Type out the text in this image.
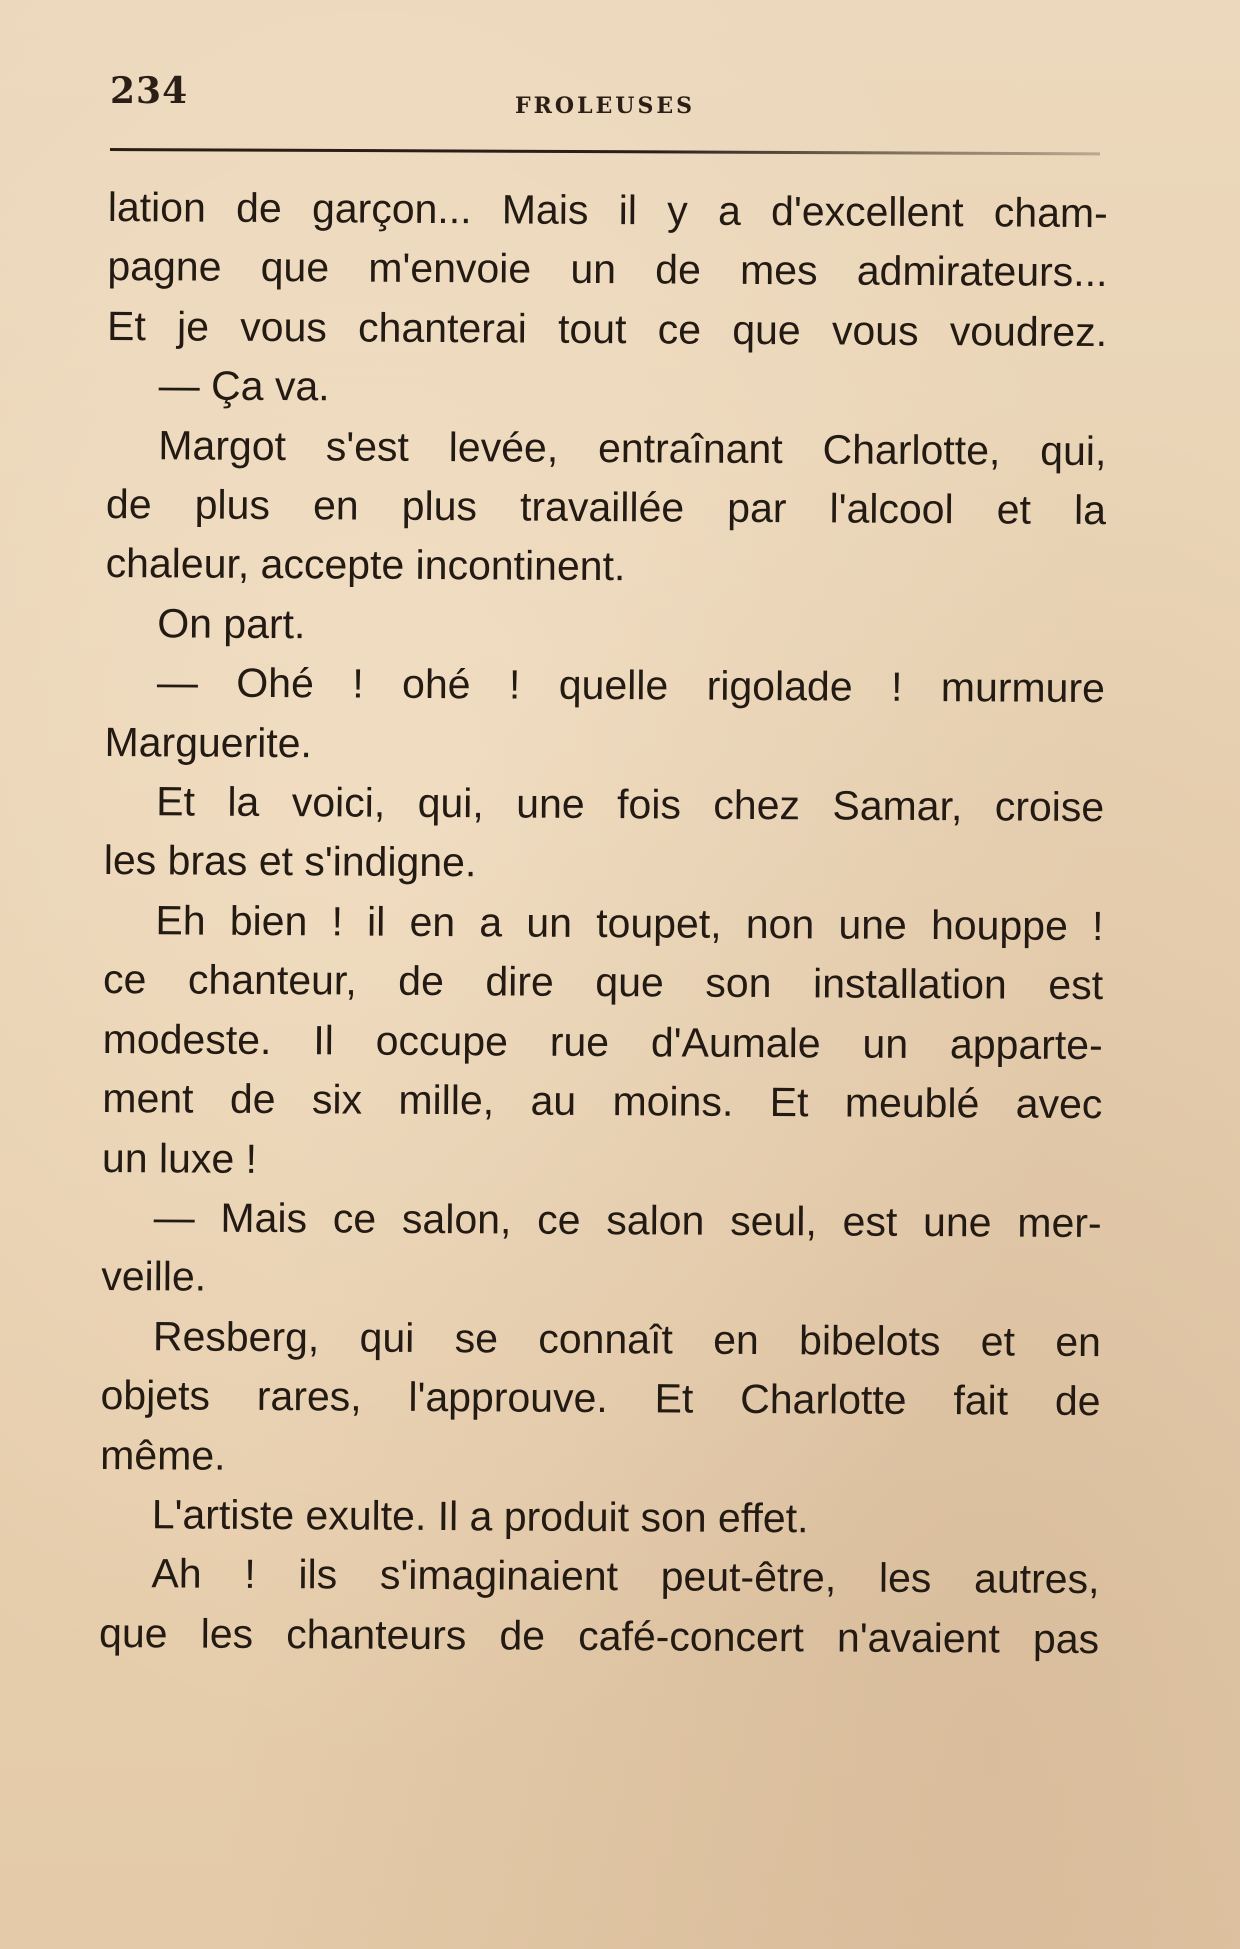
234	FROLEUSES
lation de garçon... Mais il y a d'excellent cham-
pagne que m'envoie un de mes admirateurs...
Et je vous chanterai tout ce que vous voudrez.
— Ça va.
Margot s'est levée, entraînant Charlotte, qui,
de plus en plus travaillée par l'alcool et la
chaleur, accepte incontinent.
On part.
— Ohé ! ohé ! quelle rigolade ! murmure
Marguerite.
Et la voici, qui, une fois chez Samar, croise
les bras et s'indigne.
Eh bien ! il en a un toupet, non une houppe !
ce chanteur, de dire que son installation est
modeste. Il occupe rue d'Aumale un apparte-
ment de six mille, au moins. Et meublé avec
un luxe !
— Mais ce salon, ce salon seul, est une mer-
veille.
Resberg, qui se connaît en bibelots et en
objets rares, l'approuve. Et Charlotte fait de
même.
L'artiste exulte. Il a produit son effet.
Ah ! ils s'imaginaient peut-être, les autres,
que les chanteurs de café-concert n'avaient pas
